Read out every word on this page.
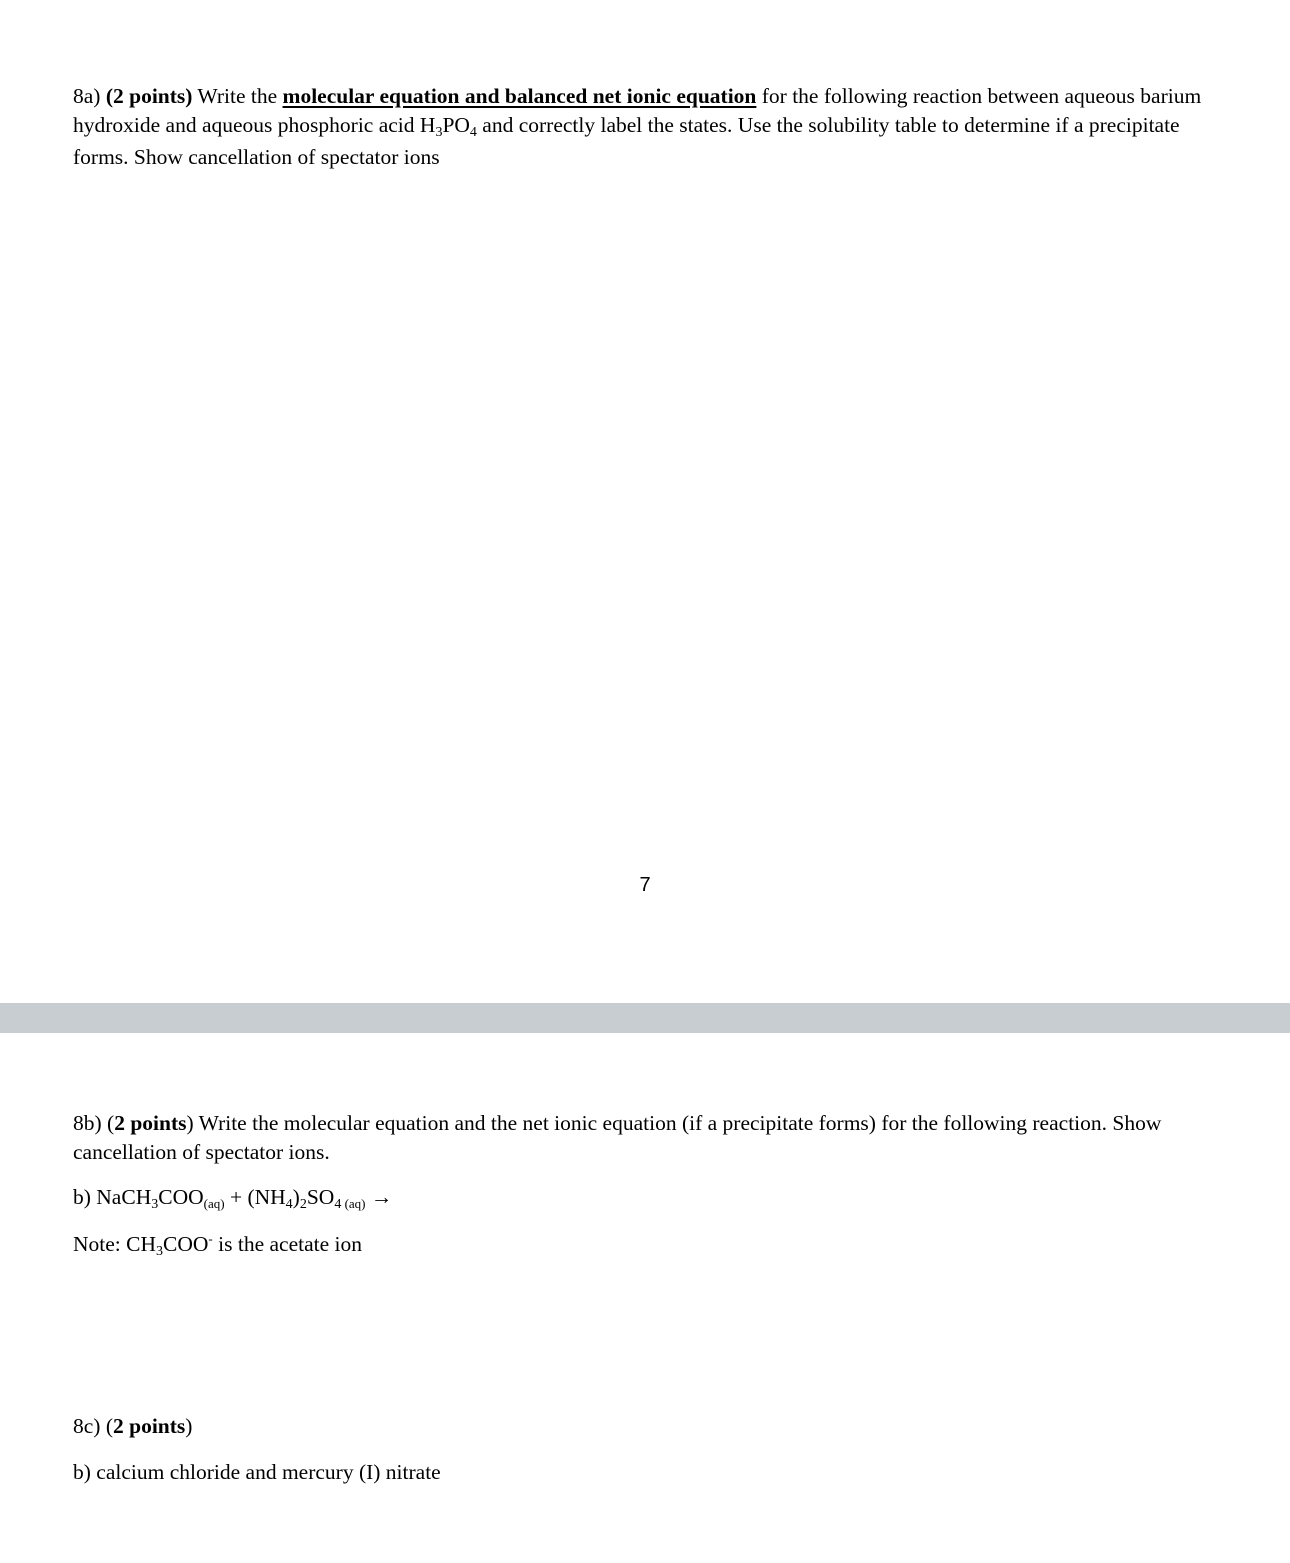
8a) (2 points) Write the molecular equation and balanced net ionic equation for the following reaction between aqueous barium hydroxide and aqueous phosphoric acid H3PO4 and correctly label the states. Use the solubility table to determine if a precipitate forms. Show cancellation of spectator ions
7
8b) (2 points) Write the molecular equation and the net ionic equation (if a precipitate forms) for the following reaction. Show cancellation of spectator ions.
b) NaCH3COO(aq) + (NH4)2SO4 (aq) →
Note: CH3COO- is the acetate ion
8c) (2 points)
b) calcium chloride and mercury (I) nitrate
